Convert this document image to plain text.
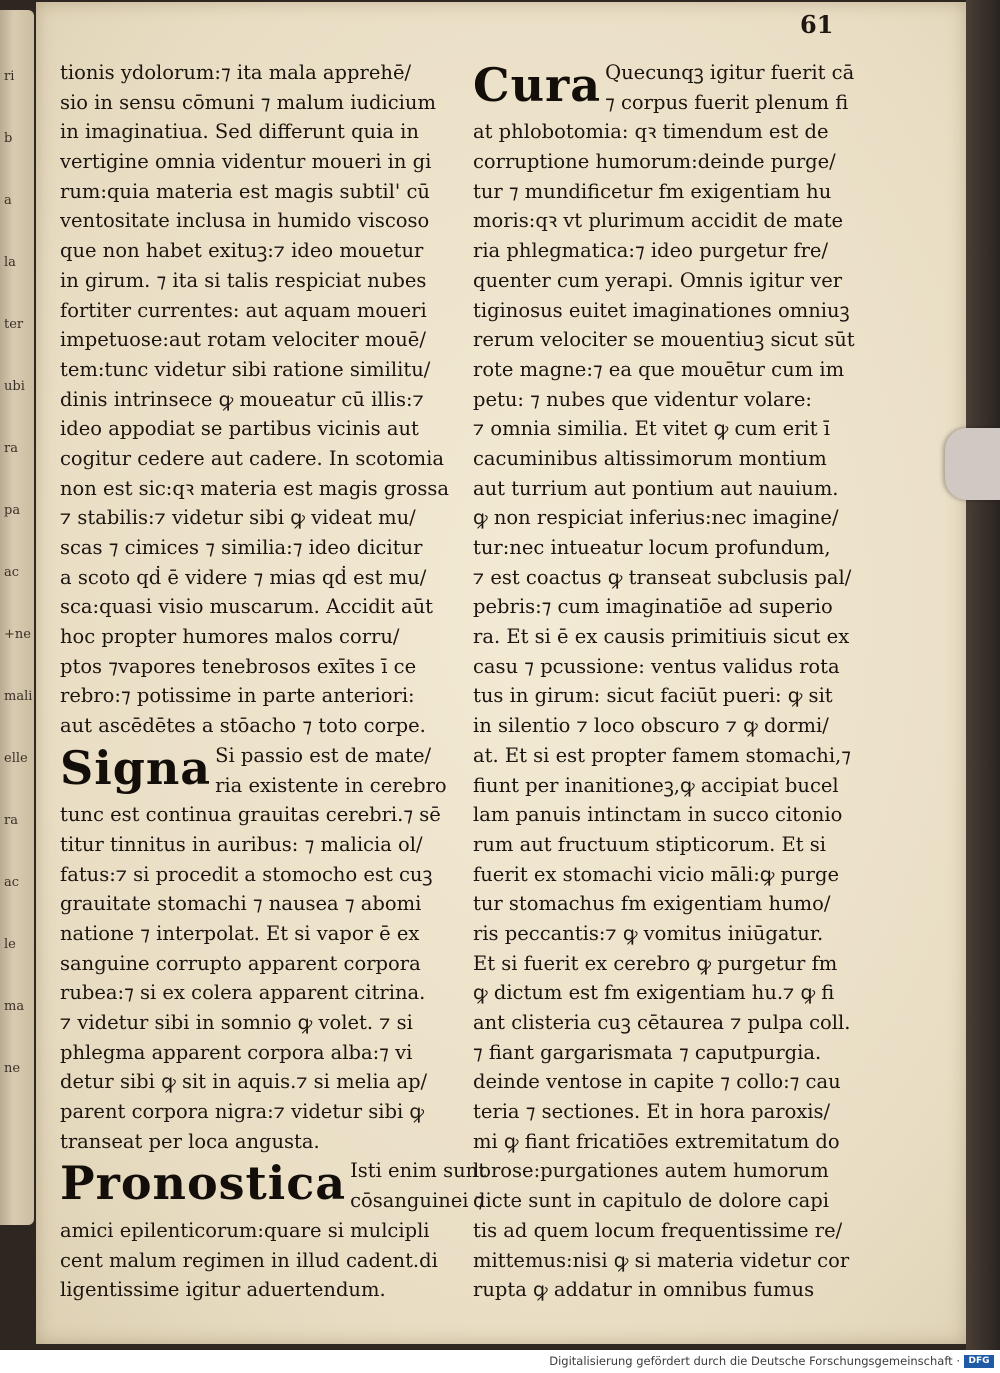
ri
b
a
la
ter
ubi
ra
pa
ac
+ne
mali
elle
ra
ac
le
ma
ne
61
tionis ydolorum:⁊ ita mala apprehē/
sio in sensu cōmuni ⁊ malum iudicium
in imaginatiua. Sed differunt quia in
vertigine omnia videntur moueri in gi
rum:quia materia est magis subtil' cū
ventositate inclusa in humido viscoso
que non habet exituꝫ:⁊ ideo mouetur
in girum. ⁊ ita si talis respiciat nubes
fortiter currentes: aut aquam moueri
impetuose:aut rotam velociter mouē/
tem:tunc videtur sibi ratione similitu/
dinis intrinsece ꝙ moueatur cū illis:⁊
ideo appodiat se partibus vicinis aut
cogitur cedere aut cadere. In scotomia
non est sic:qꝛ materia est magis grossa
⁊ stabilis:⁊ videtur sibi ꝙ videat mu/
scas ⁊ cimices ⁊ similia:⁊ ideo dicitur
a scoto qḋ ē videre ⁊ mias qḋ est mu/
sca:quasi visio muscarum. Accidit aūt
hoc propter humores malos corru/
ptos ⁊vapores tenebrosos exītes ī ce
rebro:⁊ potissime in parte anteriori:
aut ascēdētes a stōacho ⁊ toto corpe.
Signa Si passio est de mate/
ria existente in cerebro
tunc est continua grauitas cerebri.⁊ sē
titur tinnitus in auribus: ⁊ malicia ol/
fatus:⁊ si procedit a stomocho est cuꝫ
grauitate stomachi ⁊ nausea ⁊ abomi
natione ⁊ interpolat. Et si vapor ē ex
sanguine corrupto apparent corpora
rubea:⁊ si ex colera apparent citrina.
⁊ videtur sibi in somnio ꝙ volet. ⁊ si
phlegma apparent corpora alba:⁊ vi
detur sibi ꝙ sit in aquis.⁊ si melia ap/
parent corpora nigra:⁊ videtur sibi ꝙ
transeat per loca angusta.
Pronostica Isti enim sunt
cōsanguinei ⁊
amici epilenticorum:quare si mulcipli
cent malum regimen in illud cadent.di
ligentissime igitur aduertendum.
Cura Quecunqꝫ igitur fuerit cā
⁊ corpus fuerit plenum fi
at phlobotomia: qꝛ timendum est de
corruptione humorum:deinde purge/
tur ⁊ mundificetur fm exigentiam hu
moris:qꝛ vt plurimum accidit de mate
ria phlegmatica:⁊ ideo purgetur fre/
quenter cum yerapi. Omnis igitur ver
tiginosus euitet imaginationes omniuꝫ
rerum velociter se mouentiuꝫ sicut sūt
rote magne:⁊ ea que mouētur cum im
petu: ⁊ nubes que videntur volare:
⁊ omnia similia. Et vitet ꝙ cum erit ī
cacuminibus altissimorum montium
aut turrium aut pontium aut nauium.
ꝙ non respiciat inferius:nec imagine/
tur:nec intueatur locum profundum,
⁊ est coactus ꝙ transeat subclusis pal/
pebris:⁊ cum imaginatiōe ad superio
ra. Et si ē ex causis primitiuis sicut ex
casu ⁊ pcussione: ventus validus rota
tus in girum: sicut faciūt pueri: ꝙ sit
in silentio ⁊ loco obscuro ⁊ ꝙ dormi/
at. Et si est propter famem stomachi,⁊
fiunt per inanitioneꝫ,ꝙ accipiat bucel
lam panuis intinctam in succo citonio
rum aut fructuum stipticorum. Et si
fuerit ex stomachi vicio māli:ꝙ purge
tur stomachus fm exigentiam humo/
ris peccantis:⁊ ꝙ vomitus iniūgatur.
Et si fuerit ex cerebro ꝙ purgetur fm
ꝙ dictum est fm exigentiam hu.⁊ ꝙ fi
ant clisteria cuꝫ cētaurea ⁊ pulpa coll.
⁊ fiant gargarismata ⁊ caputpurgia.
deinde ventose in capite ⁊ collo:⁊ cau
teria ⁊ sectiones. Et in hora paroxis/
mi ꝙ fiant fricatiōes extremitatum do
lorose:purgationes autem humorum
dicte sunt in capitulo de dolore capi
tis ad quem locum frequentissime re/
mittemus:nisi ꝙ si materia videtur cor
rupta ꝙ addatur in omnibus fumus
Digitalisierung gefördert durch die Deutsche Forschungsgemeinschaft · DFG
